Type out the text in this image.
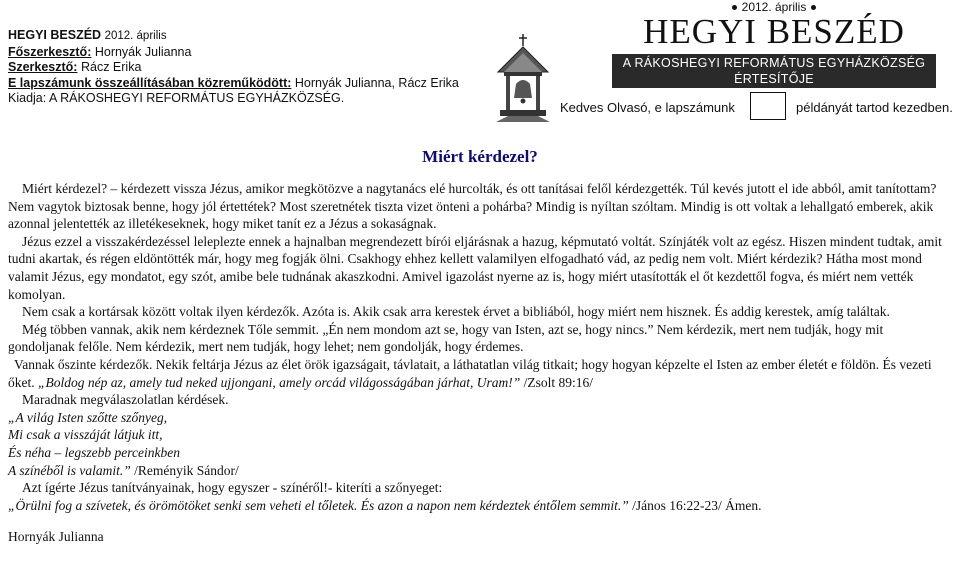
HEGYI BESZÉD 2012. április
Főszerkesztő: Hornyák Julianna
Szerkesztő: Rácz Erika
E lapszámunk összeállításában közreműködött: Hornyák Julianna, Rácz Erika
Kiadja: A RÁKOSHEGYI REFORMÁTUS EGYHÁZKÖZSÉG.
2012. április
HEGYI BESZÉD
A RÁKOSHEGYI REFORMÁTUS EGYHÁZKÖZSÉG
ÉRTESÍTŐJE
Kedves Olvasó, e lapszámunk	példányát tartod kezedben.
Miért kérdezel?

Miért kérdezel? – kérdezett vissza Jézus, amikor megkötözve a nagytanács elé hurcolták, és ott tanításai felől kérdezgették. Túl kevés jutott el ide abból, amit tanítottam? Nem vagytok biztosak benne, hogy jól értettétek? Most szeretnétek tiszta vizet önteni a pohárba? Mindig is nyíltan szóltam. Mindig is ott voltak a lehallgató emberek, akik azonnal jelentették az illetékeseknek, hogy miket tanít ez a Jézus a sokaságnak.

Jézus ezzel a visszakérdezéssel leleplezte ennek a hajnalban megrendezett bírói eljárásnak a hazug, képmutató voltát. Színjáték volt az egész. Hiszen mindent tudtak, amit tudni akartak, és régen eldöntötték már, hogy meg fogják ölni. Csakhogy ehhez kellett valamilyen elfogadható vád, az pedig nem volt. Miért kérdezik? Hátha most mond valamit Jézus, egy mondatot, egy szót, amibe bele tudnának akaszkodni. Amivel igazolást nyerne az is, hogy miért utasították el őt kezdettől fogva, és miért nem vették komolyan.

Nem csak a kortársak között voltak ilyen kérdezők. Azóta is. Akik csak arra kerestek érvet a bibliából, hogy miért nem hisznek. És addig kerestek, amíg találtak.

Még többen vannak, akik nem kérdeznek Tőle semmit. „Én nem mondom azt se, hogy van Isten, azt se, hogy nincs.” Nem kérdezik, mert nem tudják, hogy mit gondoljanak felőle. Nem kérdezik, mert nem tudják, hogy lehet; nem gondolják, hogy érdemes.

Vannak őszinte kérdezők. Nekik feltárja Jézus az élet örök igazságait, távlatait, a láthatatlan világ titkait; hogy hogyan képzelte el Isten az ember életét e földön. És vezeti őket. „Boldog nép az, amely tud neked ujjongani, amely orcád világosságában járhat, Uram!” /Zsolt 89:16/

Maradnak megválaszolatlan kérdések.

„A világ Isten szőtte szőnyeg,
Mi csak a visszáját látjuk itt,
És néha – legszebb perceinkben
A színéből is valamit.” /Reményik Sándor/

Azt ígérte Jézus tanítványainak, hogy egyszer - színéről!- kiteríti a szőnyeget:

„Örülni fog a szívetek, és örömötöket senki sem veheti el tőletek. És azon a napon nem kérdeztek éntőlem semmit.” /János 16:22-23/ Ámen.

Hornyák Julianna
